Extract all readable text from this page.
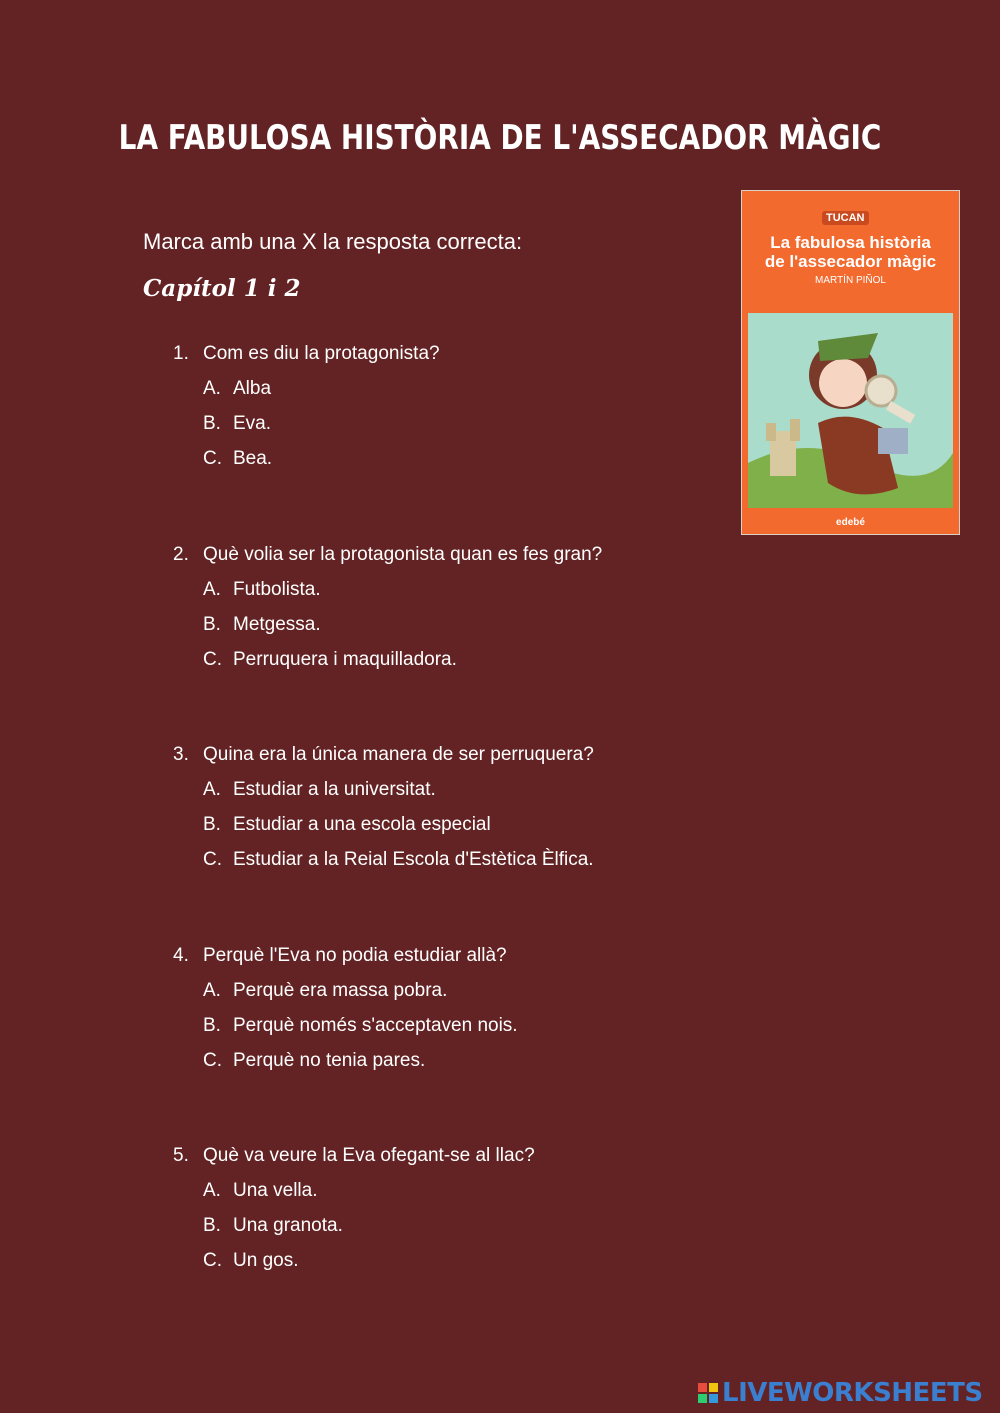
LA FABULOSA HISTÒRIA DE L'ASSECADOR MÀGIC
Marca amb una X la resposta correcta:
Capítol 1 i 2
1. Com es diu la protagonista?
A. Alba
B. Eva.
C. Bea.
2. Què volia ser la protagonista quan es fes gran?
A. Futbolista.
B. Metgessa.
C. Perruquera i maquilladora.
3. Quina era la única manera de ser perruquera?
A. Estudiar a la universitat.
B. Estudiar a una escola especial
C. Estudiar a la Reial Escola d'Estètica Èlfica.
4. Perquè l'Eva no podia estudiar allà?
A. Perquè era massa pobra.
B. Perquè només s'acceptaven nois.
C. Perquè no tenia pares.
5. Què va veure la Eva ofegant-se al llac?
A. Una vella.
B. Una granota.
C. Un gos.
TUCAN
La fabulosa història
de l'assecador màgic
MARTÍN PIÑOL
edebé
LIVEWORKSHEETS
